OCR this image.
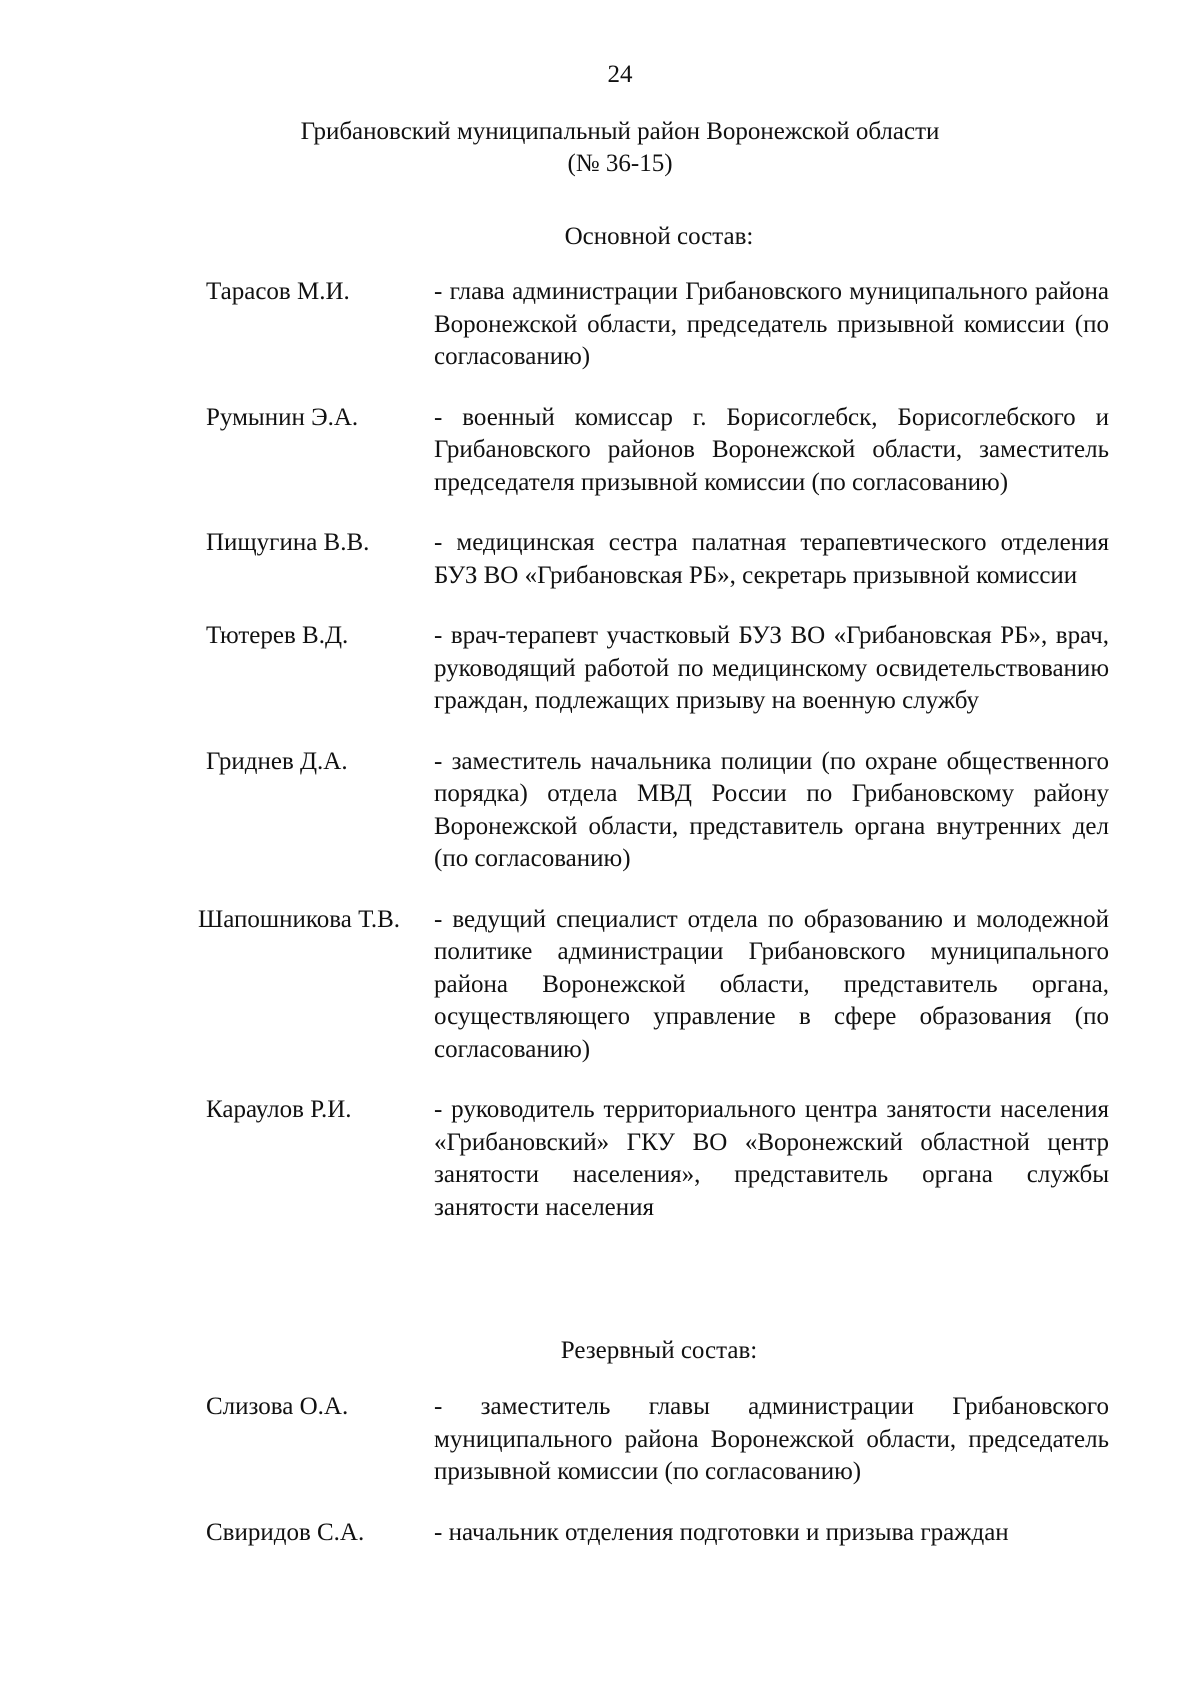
24
Грибановский муниципальный район Воронежской области
(№ 36-15)
Основной состав:
Тарасов М.И.	- глава администрации Грибановского муниципального района Воронежской области, председатель призывной комиссии (по согласованию)
Румынин Э.А.	- военный комиссар г. Борисоглебск, Борисоглебского и Грибановского районов Воронежской области, заместитель председателя призывной комиссии (по согласованию)
Пищугина В.В.	- медицинская сестра палатная терапевтического отделения БУЗ ВО «Грибановская РБ», секретарь призывной комиссии
Тютерев В.Д.	- врач-терапевт участковый БУЗ ВО «Грибановская РБ», врач, руководящий работой по медицинскому освидетельствованию граждан, подлежащих призыву на военную службу
Гриднев Д.А.	- заместитель начальника полиции (по охране общественного порядка) отдела МВД России по Грибановскому району Воронежской области, представитель органа внутренних дел (по согласованию)
Шапошникова Т.В. - ведущий специалист отдела по образованию и молодежной политике администрации Грибановского муниципального района Воронежской области, представитель органа, осуществляющего управление в сфере образования (по согласованию)
Караулов Р.И.	- руководитель территориального центра занятости населения «Грибановский» ГКУ ВО «Воронежский областной центр занятости населения», представитель органа службы занятости населения
Резервный состав:
Слизова О.А.	- заместитель главы администрации Грибановского муниципального района Воронежской области, председатель призывной комиссии (по согласованию)
Свиридов С.А.	- начальник отделения подготовки и призыва граждан
